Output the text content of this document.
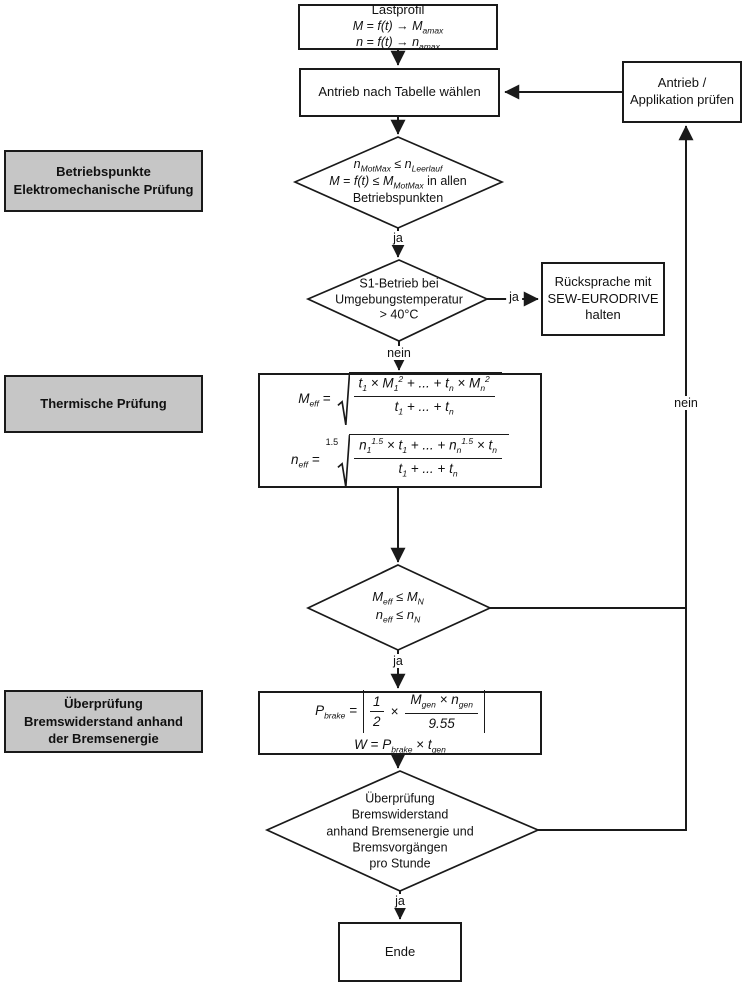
Lastprofil
$M = f(t) \to M_{amax}$
$n = f(t) \to n_{amax}$
Antrieb nach Tabelle wählen
Antrieb /
Applikation prüfen
Rücksprache mit
SEW-EURODRIVE
halten
$M_{eff} = \frac{t_1 \times M_1^2 + ... + t_n \times M_n^2}{t_1 + ... + t_n}$
$n_{eff}$ =
$1.5 \frac{n_1^{1.5} \times t_1 + ... + n_n^{1.5} \times t_n}{t_1 + ... + t_n}$
$P_{brake} = \frac{1}{2} \times \frac{M_{gen} \times n_{gen}}{9.55}$
$W = P_{brake} \times t_{gen}$
Ende
Betriebspunkte
Elektromechanische Prüfung
Thermische Prüfung
Überprüfung
Bremswiderstand anhand
der Bremsenergie
$n_{MotMax} \le n_{Leerlauf}$
$M = f(t) \le M_{MotMax}$ in allen
Betriebspunkten
S1-Betrieb bei
Umgebungstemperatur
> 40°C
$M_{eff} \le M_N$
$n_{eff} \le n_N$
Überprüfung
Bremswiderstand
anhand Bremsenergie und
Bremsvorgängen
pro Stunde
ja
ja
nein
ja
ja
nein
